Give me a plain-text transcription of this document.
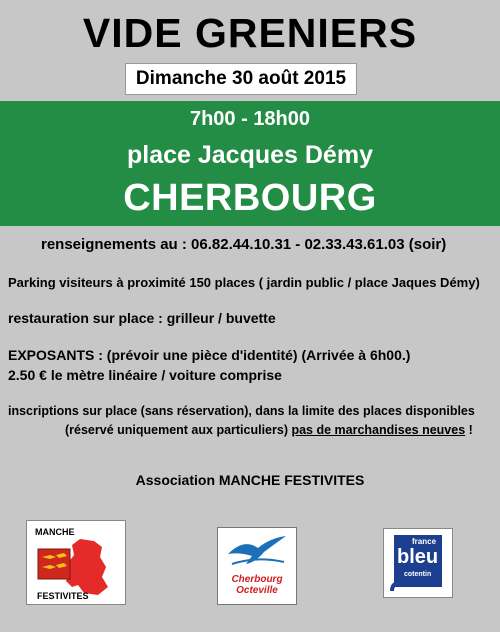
VIDE GRENIERS
Dimanche 30 août 2015
7h00 - 18h00
place Jacques Démy
CHERBOURG
renseignements au : 06.82.44.10.31 - 02.33.43.61.03 (soir)
Parking visiteurs à proximité 150 places ( jardin public / place Jaques Démy)
restauration sur place : grilleur / buvette
EXPOSANTS : (prévoir une pièce d'identité) (Arrivée à 6h00.)
2.50 € le mètre linéaire / voiture comprise
inscriptions sur place (sans réservation), dans la limite des places disponibles
(réservé uniquement aux particuliers) pas de marchandises neuves !
Association MANCHE FESTIVITES
MANCHE
FESTIVITES
Cherbourg
Octeville
france
bleu
cotentin
